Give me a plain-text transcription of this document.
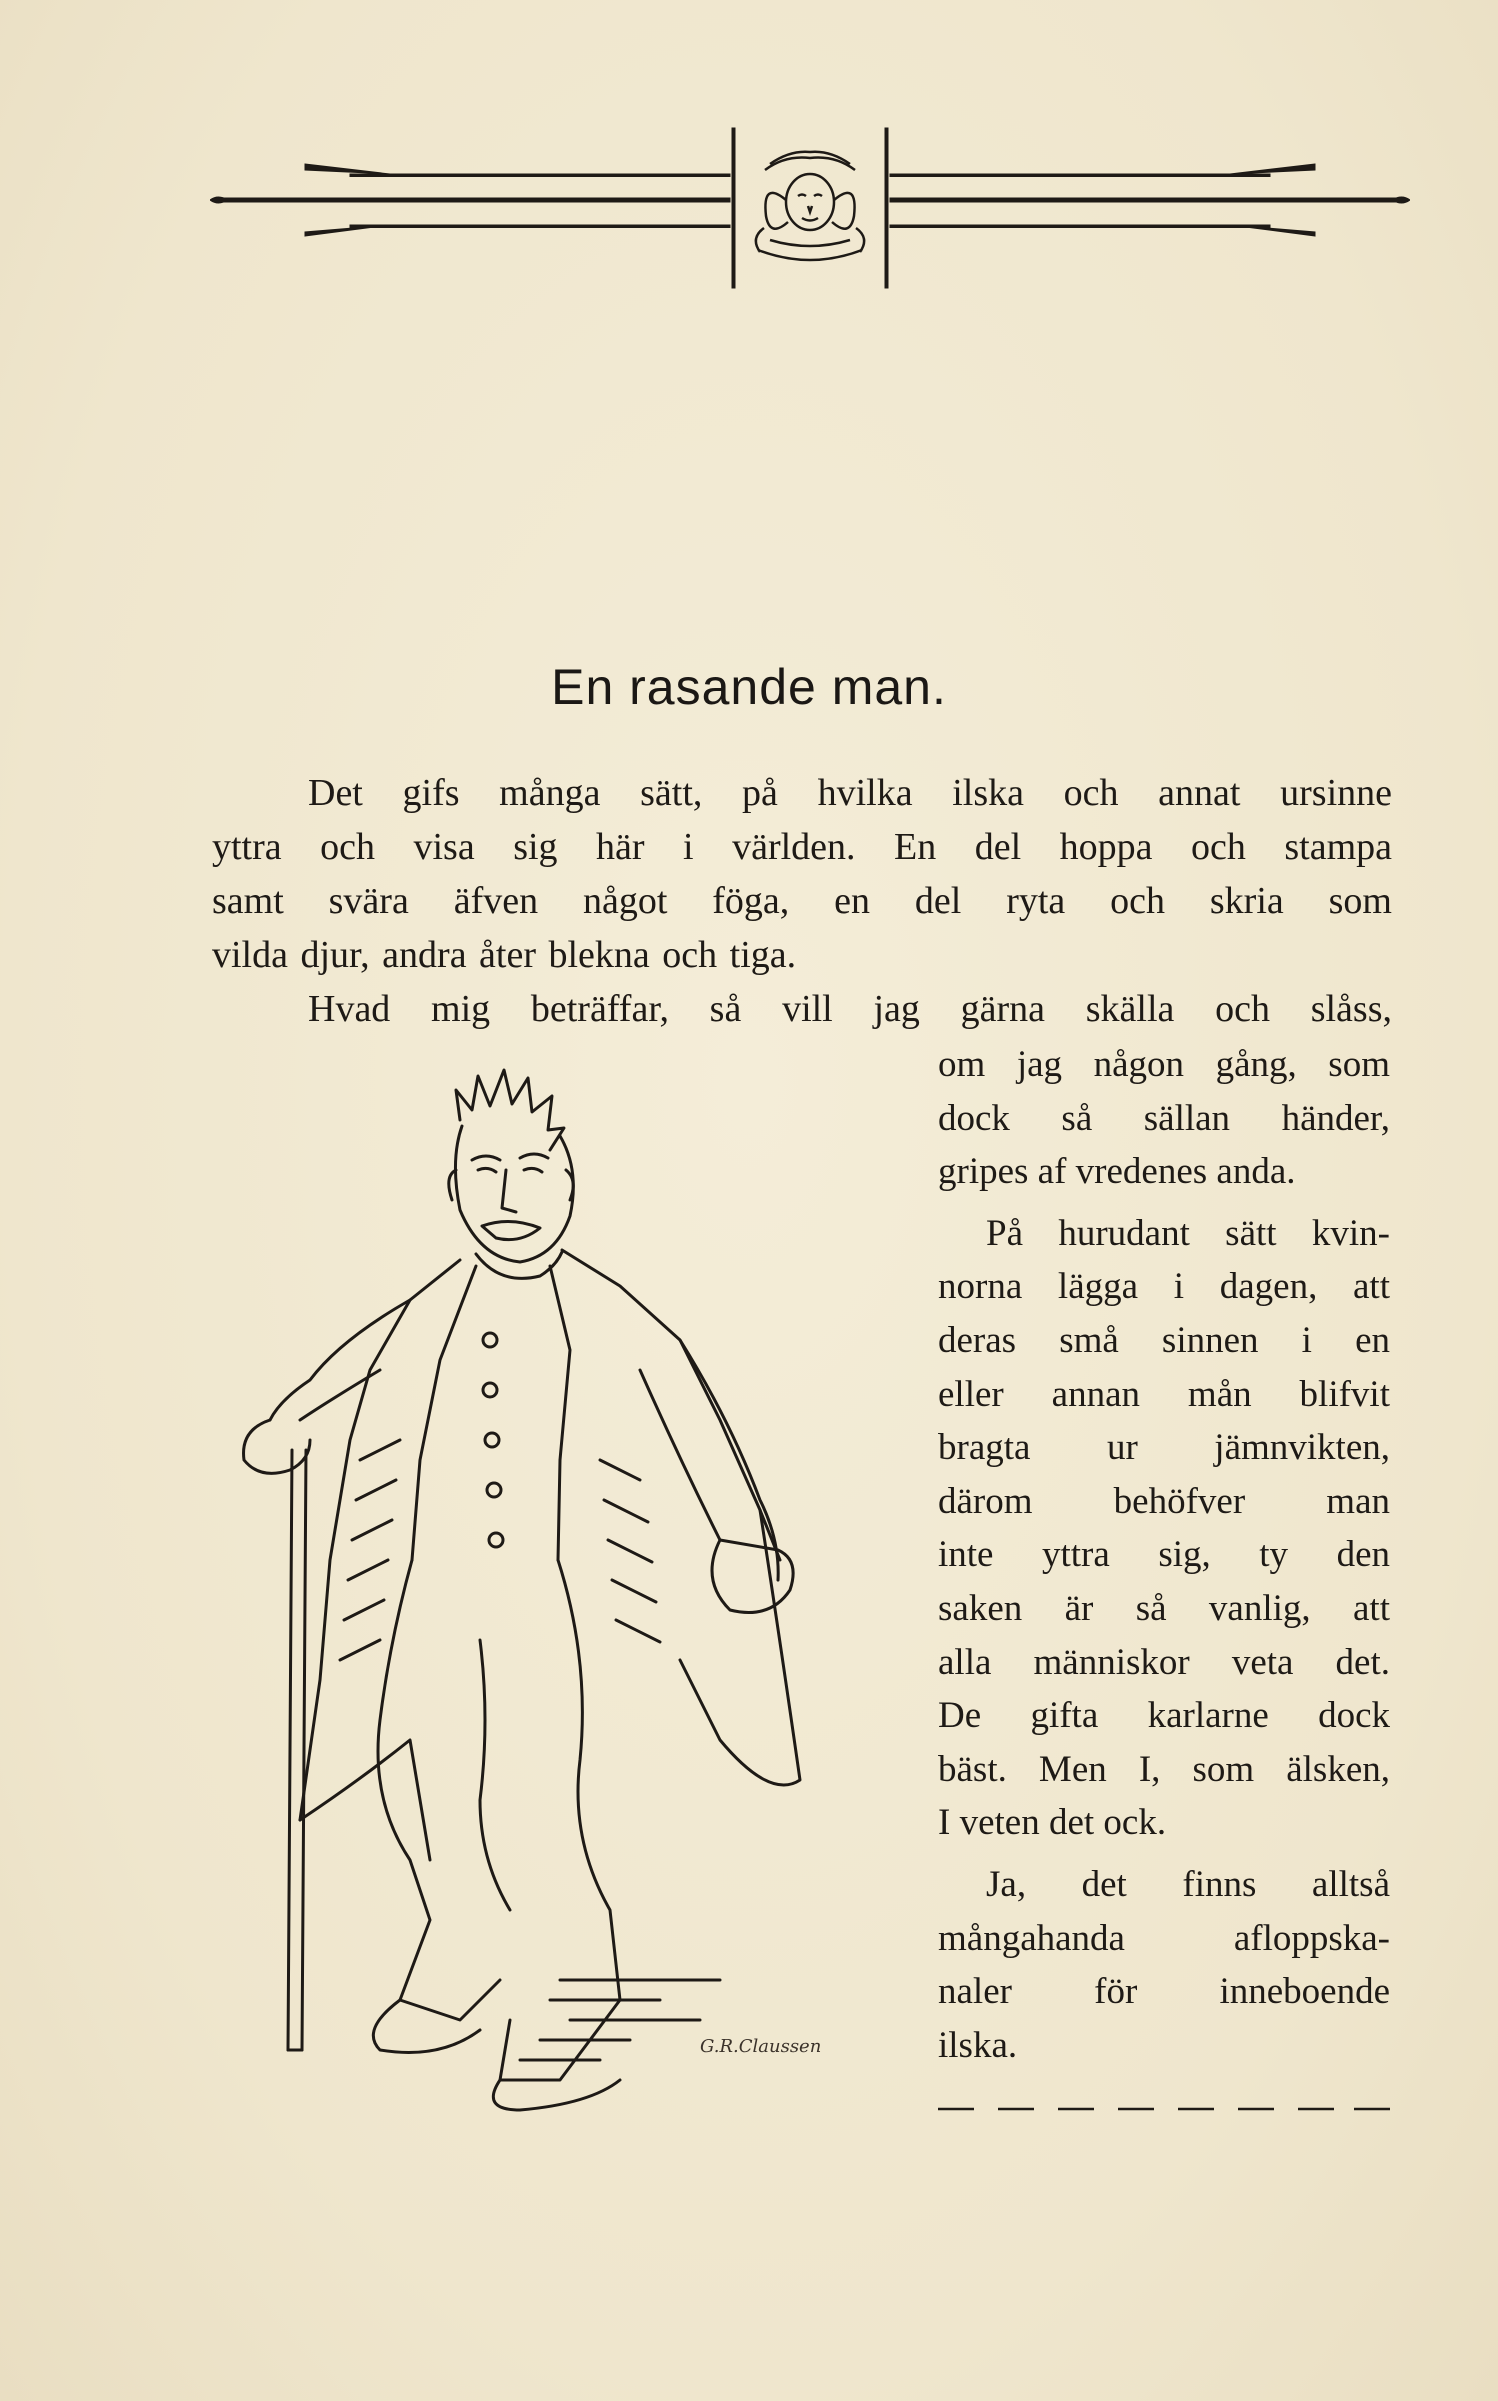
En rasande man.
Det gifs många sätt, på hvilka ilska och annat ursinne
yttra och visa sig här i världen. En del hoppa och stampa
samt svära äfven något föga, en del ryta och skria som
vilda djur, andra åter blekna och tiga.
Hvad mig beträffar, så vill jag gärna skälla och slåss,
om jag någon gång, som
dock så sällan händer,
gripes af vredenes anda.
På hurudant sätt kvin-
norna lägga i dagen, att
deras små sinnen i en
eller annan mån blifvit
bragta ur jämnvikten,
därom behöfver man
inte yttra sig, ty den
saken är så vanlig, att
alla människor veta det.
De gifta karlarne dock
bäst. Men I, som älsken,
I veten det ock.
Ja, det finns alltså
mångahanda afloppska-
naler för inneboende
ilska.
G.R.Claussen
